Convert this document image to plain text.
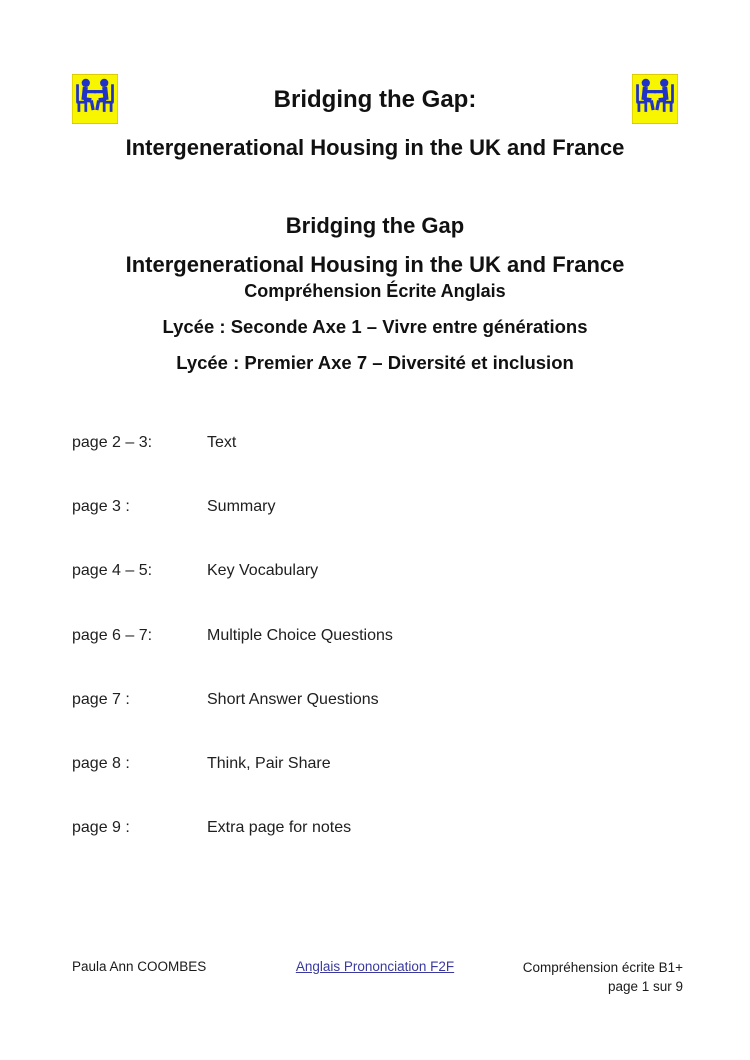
Bridging the Gap:
Intergenerational Housing in the UK and France
Bridging the Gap
Intergenerational Housing in the UK and France
Compréhension Écrite Anglais
Lycée : Seconde Axe 1 – Vivre entre générations
Lycée : Premier Axe 7 – Diversité et inclusion
page 2 – 3:	Text
page 3 :	Summary
page 4 – 5:	Key Vocabulary
page 6 – 7:	Multiple Choice Questions
page 7 :	Short Answer Questions
page 8 :	Think, Pair Share
page 9 :	Extra page for notes
Paula Ann COOMBES	Anglais Prononciation F2F	Compréhension écrite B1+
page 1 sur 9
